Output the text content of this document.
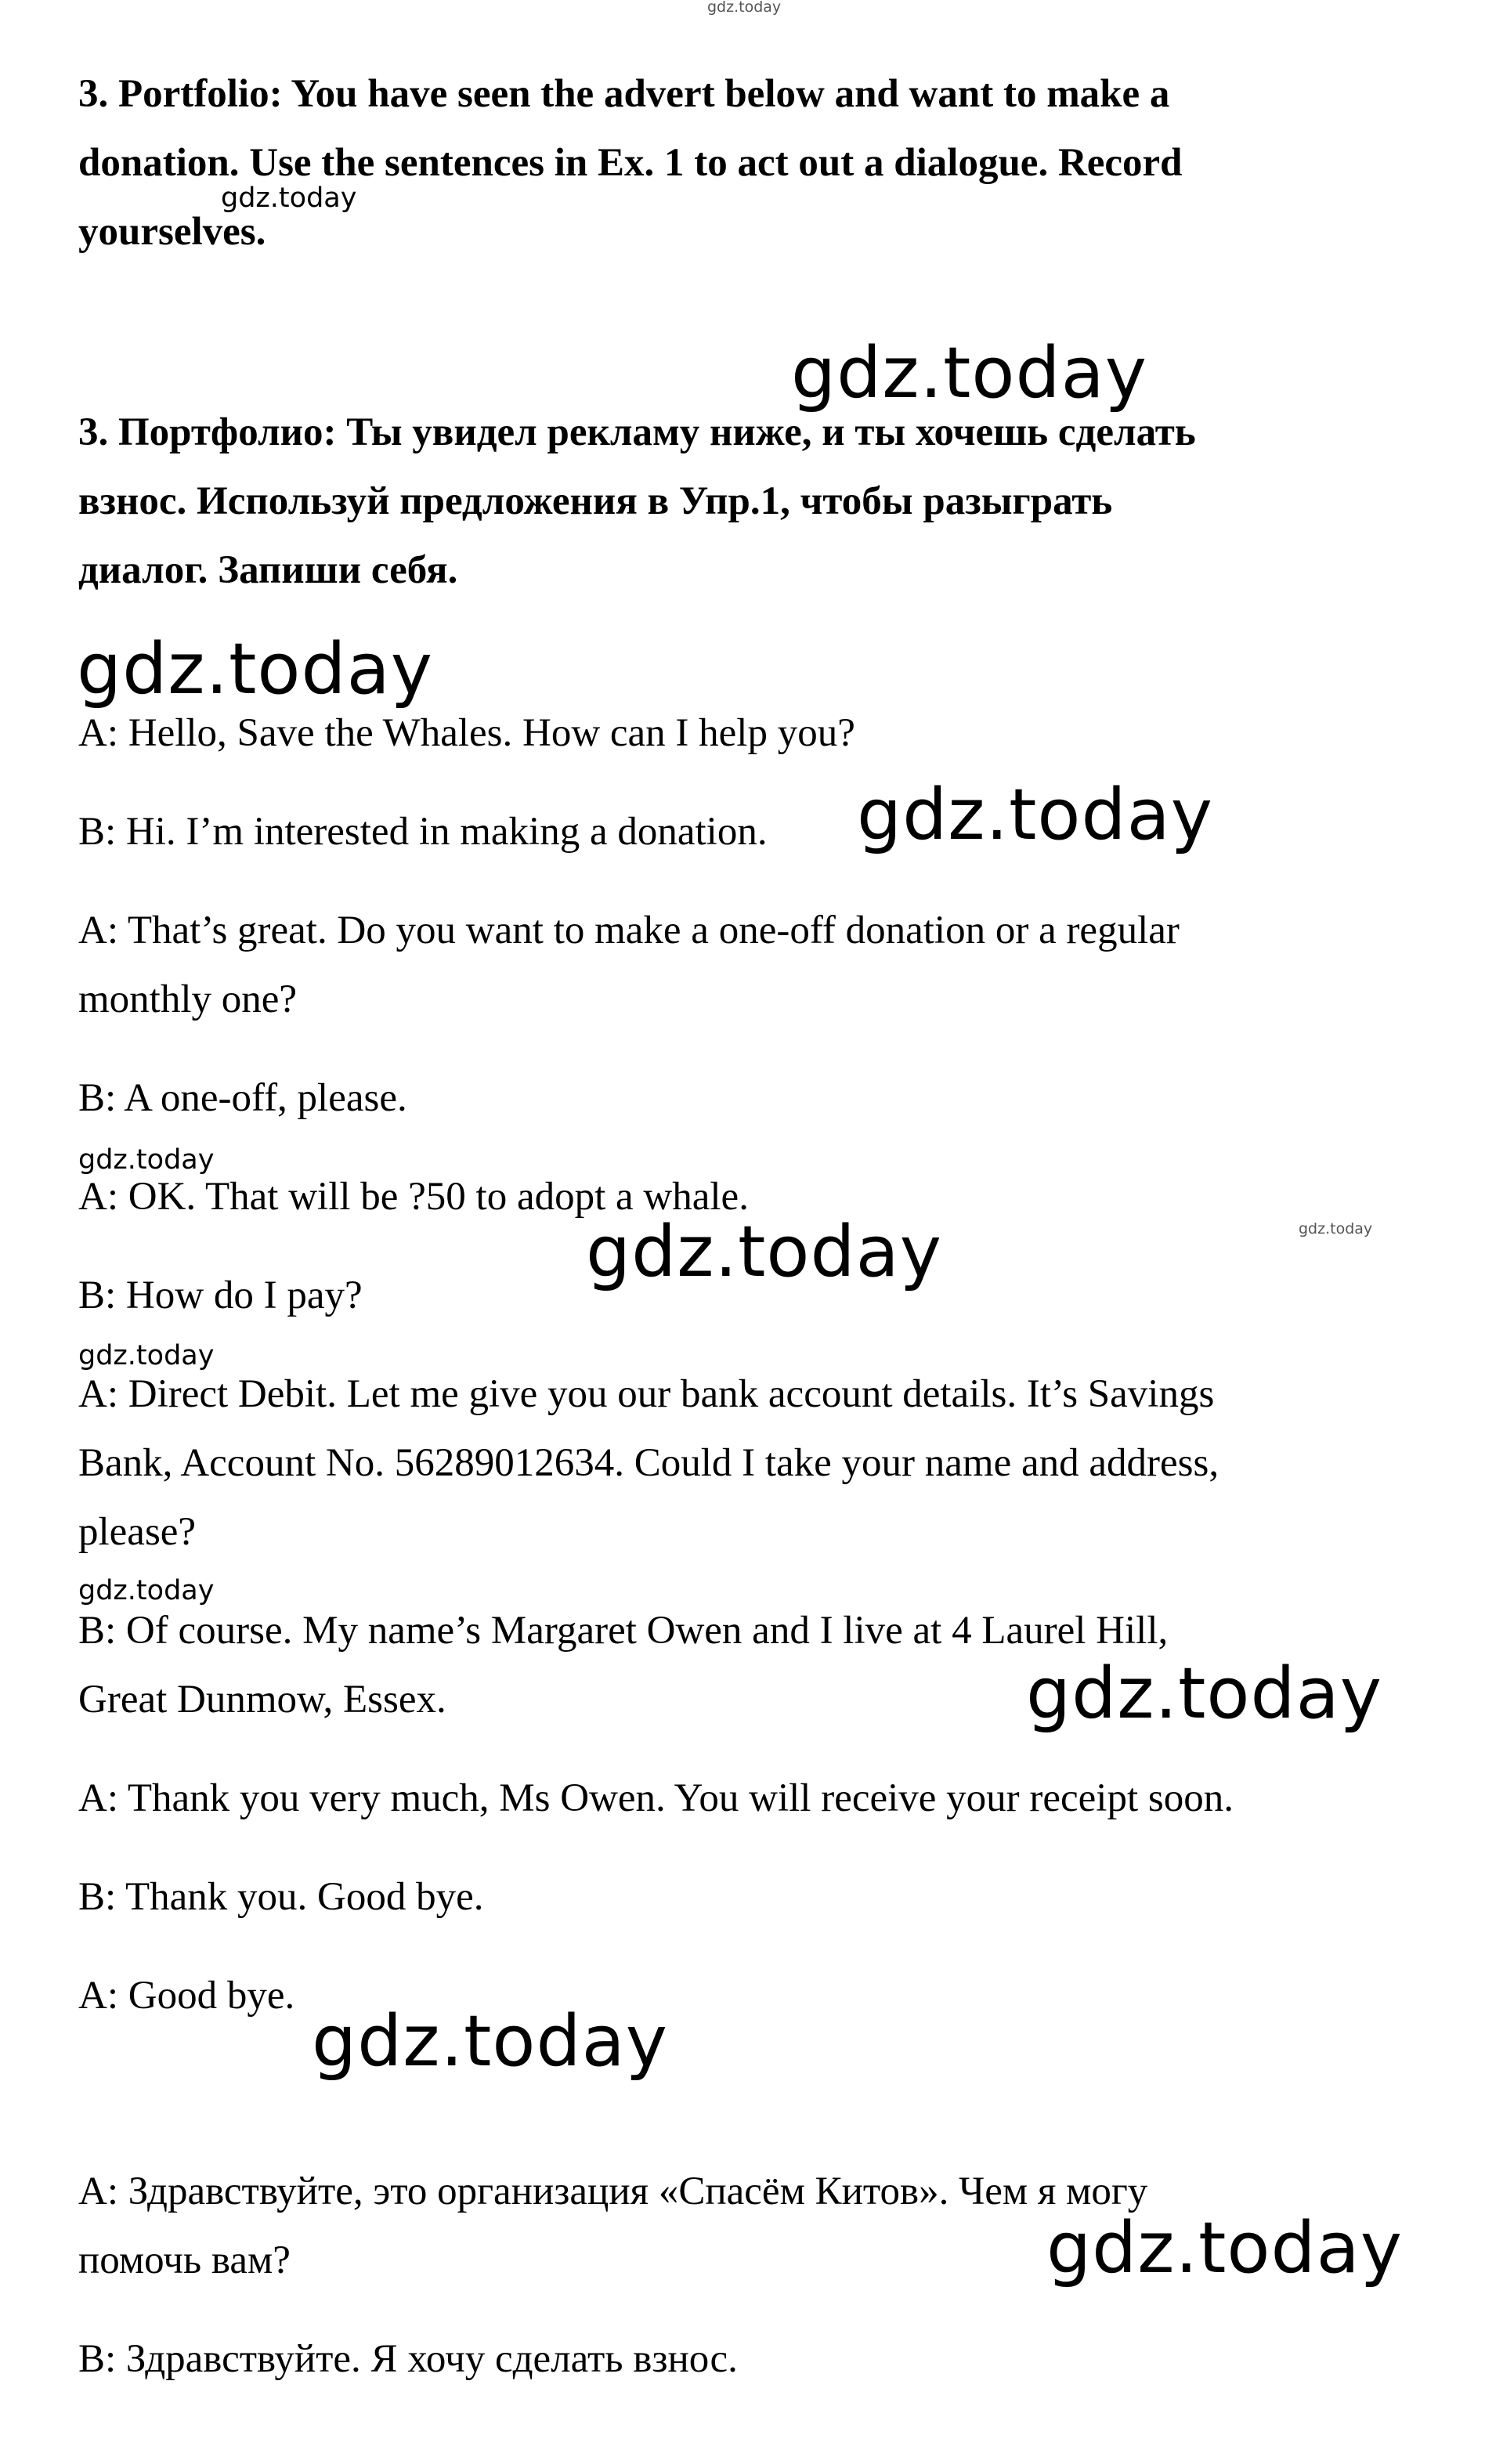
gdz.today
gdz.today
gdz.today
gdz.today
gdz.today
gdz.today
gdz.today	gdz.today
gdz.today
gdz.today
gdz.today
gdz.today
gdz.today
3. Portfolio: You have seen the advert below and want to make a
donation. Use the sentences in Ex. 1 to act out a dialogue. Record
yourselves.
3. Портфолио: Ты увидел рекламу ниже, и ты хочешь сделать
взнос. Используй предложения в Упр.1, чтобы разыграть
диалог. Запиши себя.
A: Hello, Save the Whales. How can I help you?
B: Hi. I’m interested in making a donation.
A: That’s great. Do you want to make a one-off donation or a regular
monthly one?
B: A one-off, please.
A: OK. That will be ?50 to adopt a whale.
B: How do I pay?
A: Direct Debit. Let me give you our bank account details. It’s Savings
Bank, Account No. 56289012634. Could I take your name and address,
please?
B: Of course. My name’s Margaret Owen and I live at 4 Laurel Hill,
Great Dunmow, Essex.
A: Thank you very much, Ms Owen. You will receive your receipt soon.
B: Thank you. Good bye.
A: Good bye.
А: Здравствуйте, это организация «Спасём Китов». Чем я могу
помочь вам?
В: Здравствуйте. Я хочу сделать взнос.
